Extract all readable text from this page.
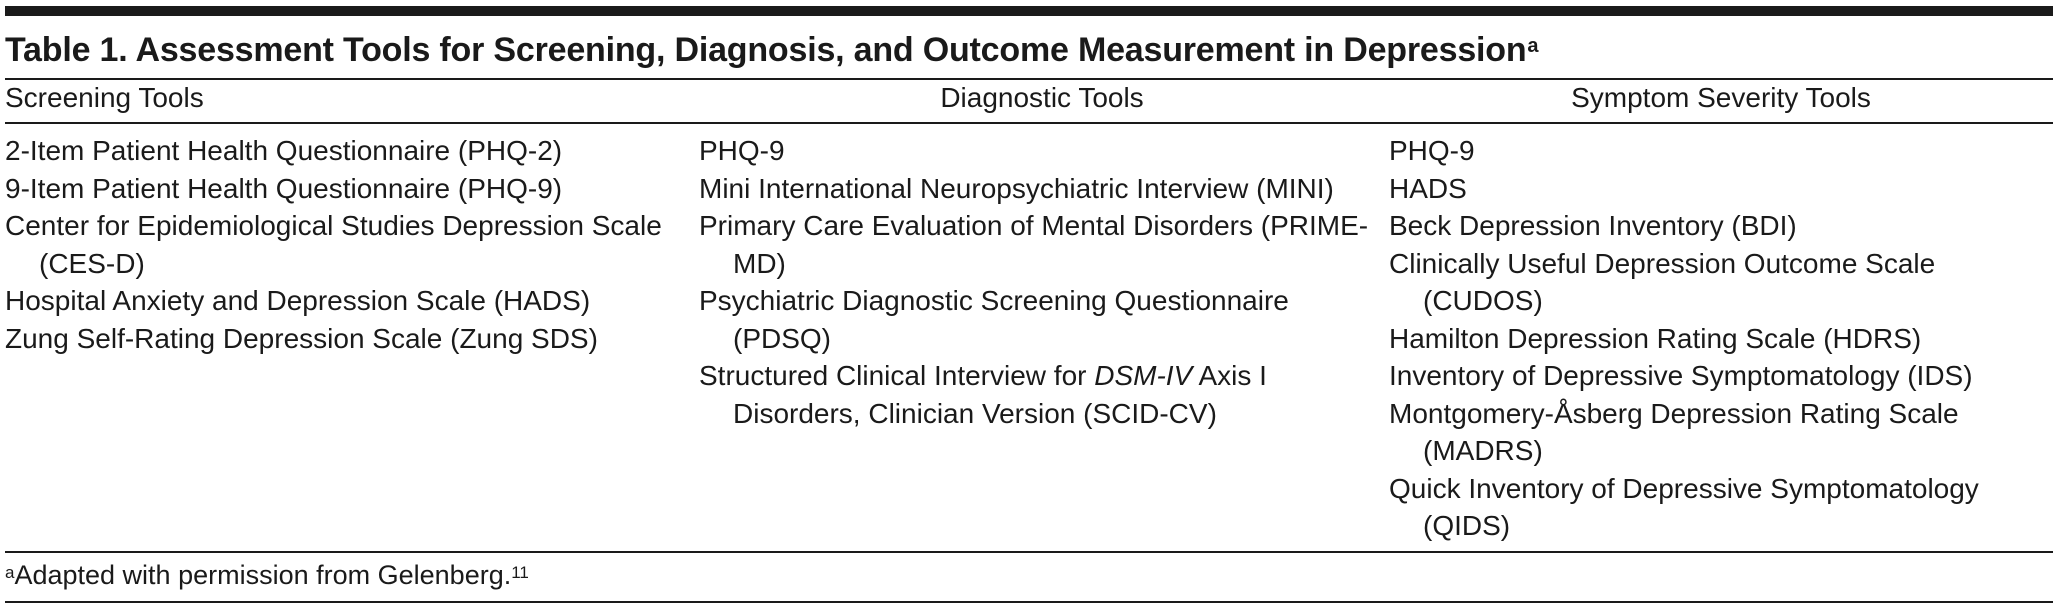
Table 1. Assessment Tools for Screening, Diagnosis, and Outcome Measurement in Depression$^a$
Screening Tools	Diagnostic Tools	Symptom Severity Tools
2-Item Patient Health Questionnaire (PHQ-2)
9-Item Patient Health Questionnaire (PHQ-9)
Center for Epidemiological Studies Depression Scale (CES-D)
Hospital Anxiety and Depression Scale (HADS)
Zung Self-Rating Depression Scale (Zung SDS)
PHQ-9
Mini International Neuropsychiatric Interview (MINI)
Primary Care Evaluation of Mental Disorders (PRIME-MD)
Psychiatric Diagnostic Screening Questionnaire (PDSQ)
Structured Clinical Interview for DSM-IV Axis I Disorders, Clinician Version (SCID-CV)
PHQ-9
HADS
Beck Depression Inventory (BDI)
Clinically Useful Depression Outcome Scale (CUDOS)
Hamilton Depression Rating Scale (HDRS)
Inventory of Depressive Symptomatology (IDS)
Montgomery-Åsberg Depression Rating Scale (MADRS)
Quick Inventory of Depressive Symptomatology (QIDS)
$^a$Adapted with permission from Gelenberg.$^{11}$
